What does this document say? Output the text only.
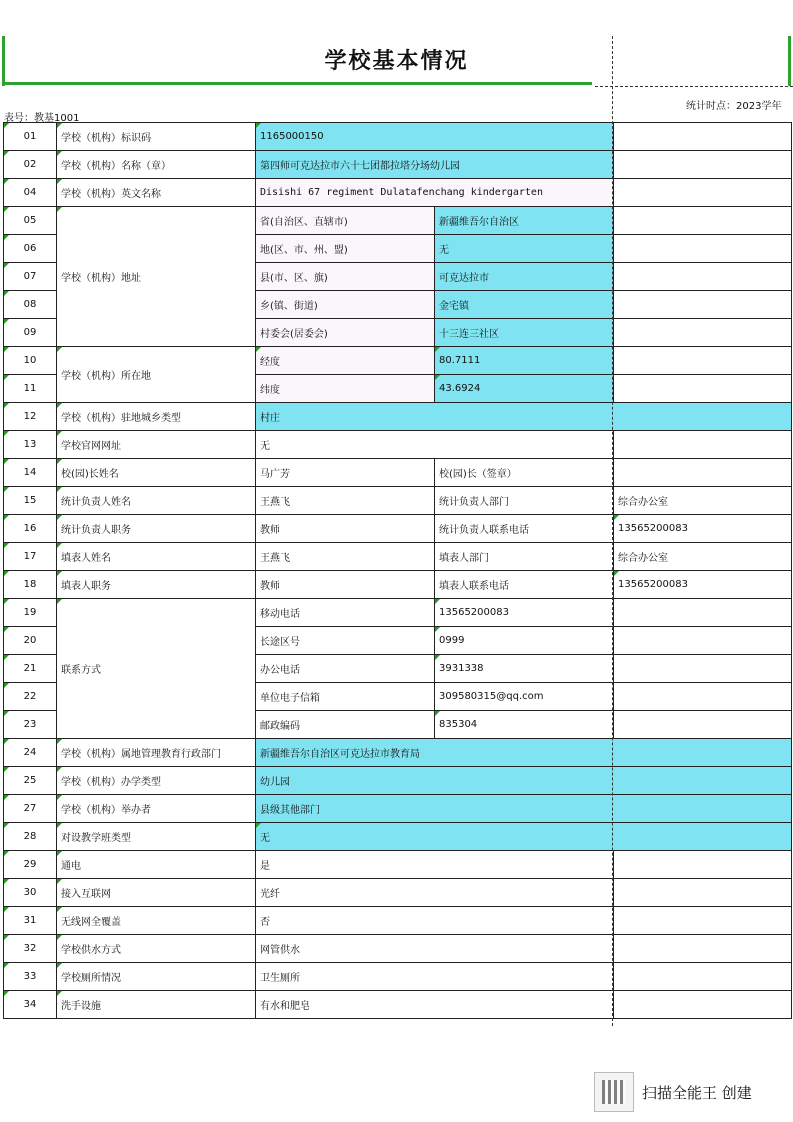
学校基本情况
表号：教基1001
统计时点：2023学年
01	学校（机构）标识码	1165000150		
02	学校（机构）名称（章）	第四师可克达拉市六十七团都拉塔分场幼儿园		
04	学校（机构）英文名称	Disishi 67 regiment Dulatafenchang kindergarten		
05	学校（机构）地址	省(自治区、直辖市)	新疆维吾尔自治区	
06		地(区、市、州、盟)	无	
07		县(市、区、旗)	可克达拉市	
08		乡(镇、街道)	金宅镇	
09		村委会(居委会)	十三连三社区	
10	学校（机构）所在地	经度	80.7111	
11		纬度	43.6924	
12	学校（机构）驻地城乡类型	村庄		
13	学校官网网址	无		
14	校(园)长姓名	马广芳	校(园)长（签章）	
15	统计负责人姓名	王燕飞	统计负责人部门	综合办公室
16	统计负责人职务	教师	统计负责人联系电话	13565200083
17	填表人姓名	王燕飞	填表人部门	综合办公室
18	填表人职务	教师	填表人联系电话	13565200083
19	联系方式	移动电话	13565200083	
20		长途区号	0999	
21		办公电话	3931338	
22		单位电子信箱	309580315@qq.com	
23		邮政编码	835304	
24	学校（机构）属地管理教育行政部门	新疆维吾尔自治区可克达拉市教育局		
25	学校（机构）办学类型	幼儿园		
27	学校（机构）举办者	县级其他部门		
28	对设教学班类型	无		
29	通电	是		
30	接入互联网	光纤		
31	无线网全覆盖	否		
32	学校供水方式	网管供水		
33	学校厕所情况	卫生厕所		
34	洗手设施	有水和肥皂		
扫描全能王 创建
